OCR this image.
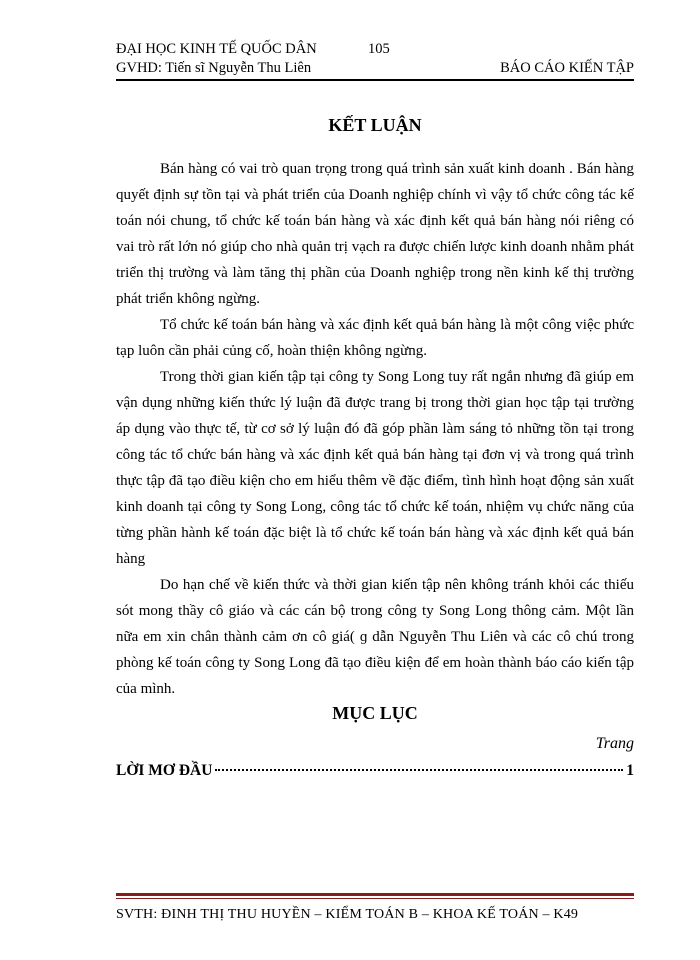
ĐẠI HỌC KINH TẾ QUỐC DÂN	105
GVHD: Tiến sĩ Nguyễn Thu Liên	BÁO CÁO KIẾN TẬP
KẾT LUẬN

Bán hàng có vai trò quan trọng trong quá trình sản xuất kinh doanh . Bán hàng quyết định sự tồn tại và phát triển của Doanh nghiệp chính vì vậy tổ chức công tác kế toán nói chung, tổ chức kế toán bán hàng và xác định kết quả bán hàng nói riêng có vai trò rất lớn nó giúp cho nhà quản trị vạch ra được chiến lược kinh doanh nhằm phát triển thị trường và làm tăng thị phần của Doanh nghiệp trong nền kinh kế thị trường phát triển không ngừng.

Tổ chức kế toán bán hàng và xác định kết quả bán hàng là một công việc phức tạp luôn cần phải củng cố, hoàn thiện không ngừng.

Trong thời gian kiến tập tại công ty Song Long tuy rất ngắn nhưng đã giúp em vận dụng những kiến thức lý luận đã được trang bị trong thời gian học tập tại trường áp dụng vào thực tế, từ cơ sở lý luận đó đã góp phần làm sáng tỏ những tồn tại trong công tác tổ chức bán hàng và xác định kết quả bán hàng tại đơn vị và trong quá trình thực tập đã tạo điều kiện cho em hiểu thêm về đặc điểm, tình hình hoạt động sản xuất kinh doanh tại công ty Song Long, công tác tổ chức kế toán, nhiệm vụ chức năng của từng phần hành kế toán đặc biệt là tổ chức kế toán bán hàng và xác định kết quả bán hàng

Do hạn chế về kiến thức và thời gian kiến tập nên không tránh khỏi các thiếu sót mong thầy cô giáo và các cán bộ trong công ty Song Long thông cảm. Một lần nữa em xin chân thành cảm ơn cô giá( ɡ dẫn Nguyễn Thu Liên và các cô chú trong phòng kế toán công ty Song Long đã tạo điều kiện để em hoàn thành báo cáo kiến tập của mình.

MỤC LỤC
Trang
LỜI MƠ ĐẦU	1
SVTH: ĐINH THỊ THU HUYỀN – KIỂM TOÁN B – KHOA KẾ TOÁN – K49
